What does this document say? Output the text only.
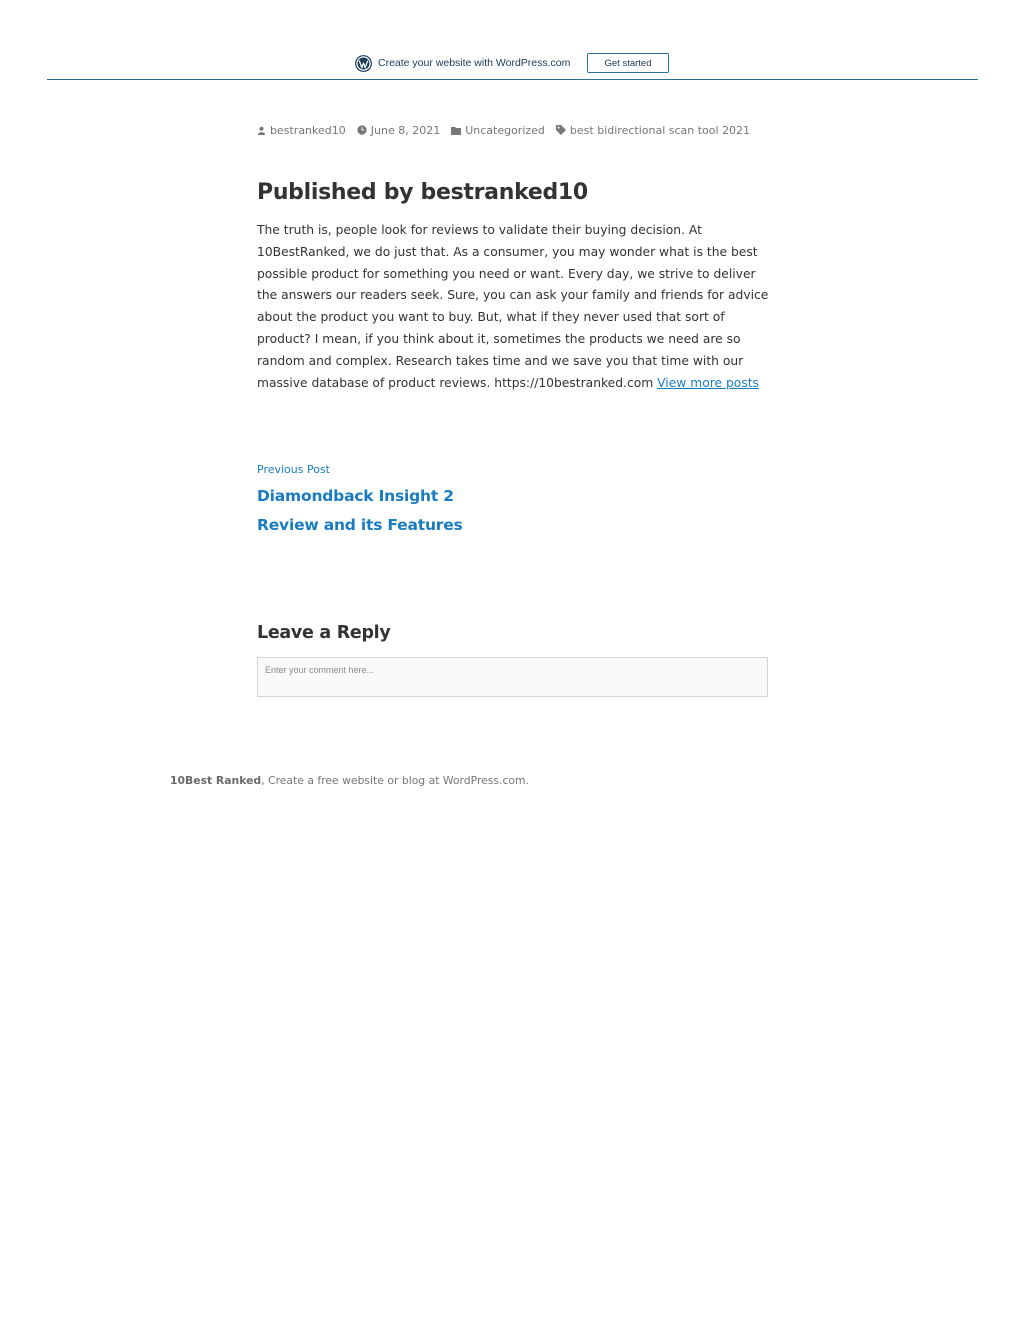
Create your website with WordPress.com	Get started
bestranked10 June 8, 2021 Uncategorized best bidirectional scan tool 2021
Published by bestranked10

The truth is, people look for reviews to validate their buying decision. At 10BestRanked, we do just that. As a consumer, you may wonder what is the best possible product for something you need or want. Every day, we strive to deliver the answers our readers seek. Sure, you can ask your family and friends for advice about the product you want to buy. But, what if they never used that sort of product? I mean, if you think about it, sometimes the products we need are so random and complex. Research takes time and we save you that time with our massive database of product reviews. https://10bestranked.com View more posts

Previous Post
Diamondback Insight 2 Review and its Features
Leave a Reply
Enter your comment here...
10Best Ranked, Create a free website or blog at WordPress.com.
